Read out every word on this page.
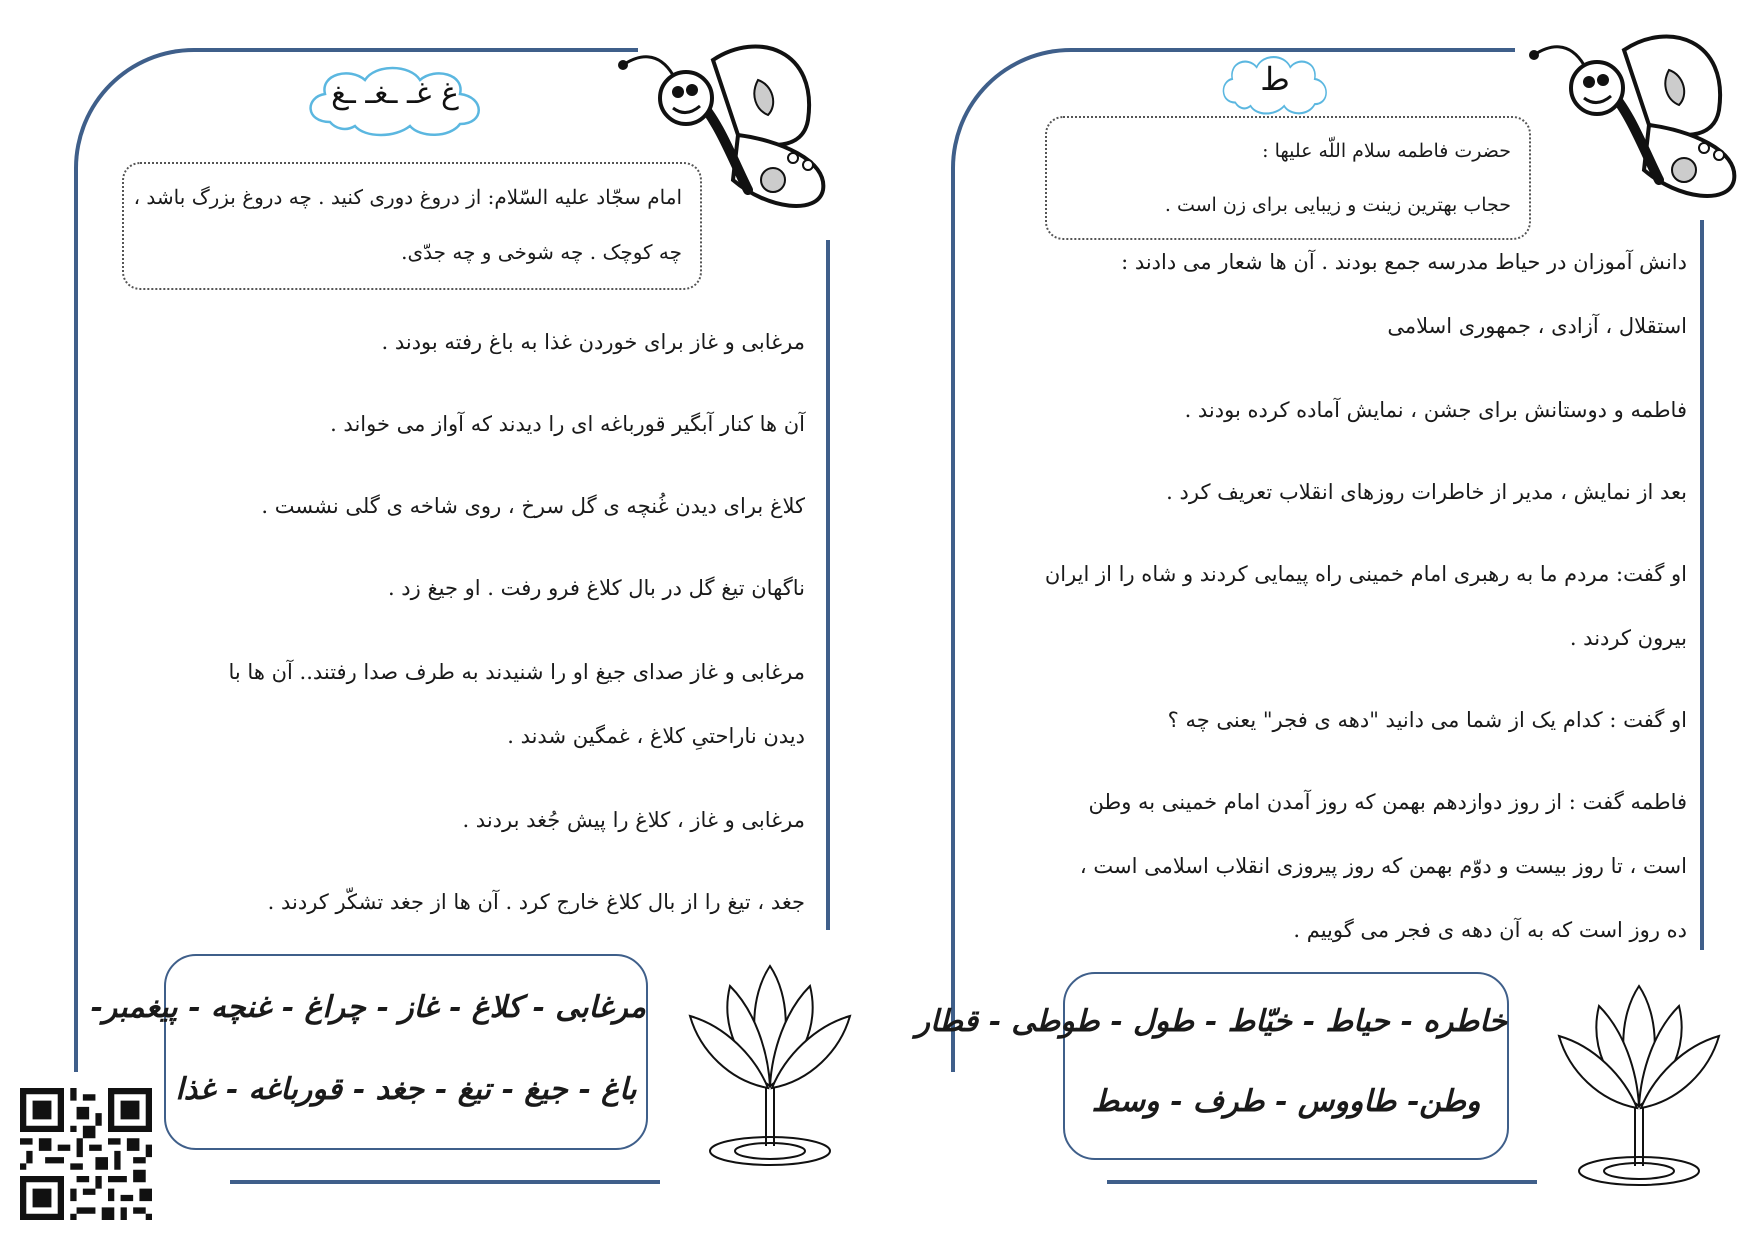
غ غـ ـغـ ـغ
امام سجّاد علیه السّلام: از دروغ دوری کنید . چه دروغ بزرگ باشد ،
چه کوچک . چه شوخی و چه جدّی.

مرغابی و غاز برای خوردن غذا به باغ رفته بودند .

آن ها کنار آبگیر قورباغه ای را دیدند که آواز می خواند .

کلاغ برای دیدن غُنچه ی گل سرخ ، روی شاخه ی گلی نشست .

ناگهان تیغ گل در بال کلاغ فرو رفت . او جیغ زد .

مرغابی و غاز صدای جیغ او را شنیدند به طرف صدا رفتند.. آن ها با

دیدن ناراحتیِ کلاغ ، غمگین شدند .

مرغابی و غاز ، کلاغ را پیش جُغد بردند .

جغد ، تیغ را از بال کلاغ خارج کرد . آن ها از جغد تشکّر کردند .

مرغابی - کلاغ - غاز - چراغ - غنچه - پیغمبر-
باغ - جیغ - تیغ - جغد - قورباغه - غذا
ط
حضرت فاطمه سلام اللّه علیها :
حجاب بهترین زینت و زیبایی برای زن است .

دانش آموزان در حیاط مدرسه جمع بودند . آن ها شعار می دادند :

استقلال ، آزادی ، جمهوری اسلامی

فاطمه و دوستانش برای جشن ، نمایش آماده کرده بودند .

بعد از نمایش ، مدیر از خاطرات روزهای انقلاب تعریف کرد .

او گفت: مردم ما به رهبری امام خمینی راه پیمایی کردند و شاه را از ایران

بیرون کردند .

او گفت : کدام یک از شما می دانید "دهه ی فجر" یعنی چه ؟

فاطمه گفت : از روز دوازدهم بهمن که روز آمدن امام خمینی به وطن

است ، تا روز بیست و دوّم بهمن که روز پیروزی انقلاب اسلامی است ،

ده روز است که به آن دهه ی فجر می گوییم .

خاطره - حیاط - خیّاط - طول - طوطی - قطار
وطن- طاووس - طرف - وسط
